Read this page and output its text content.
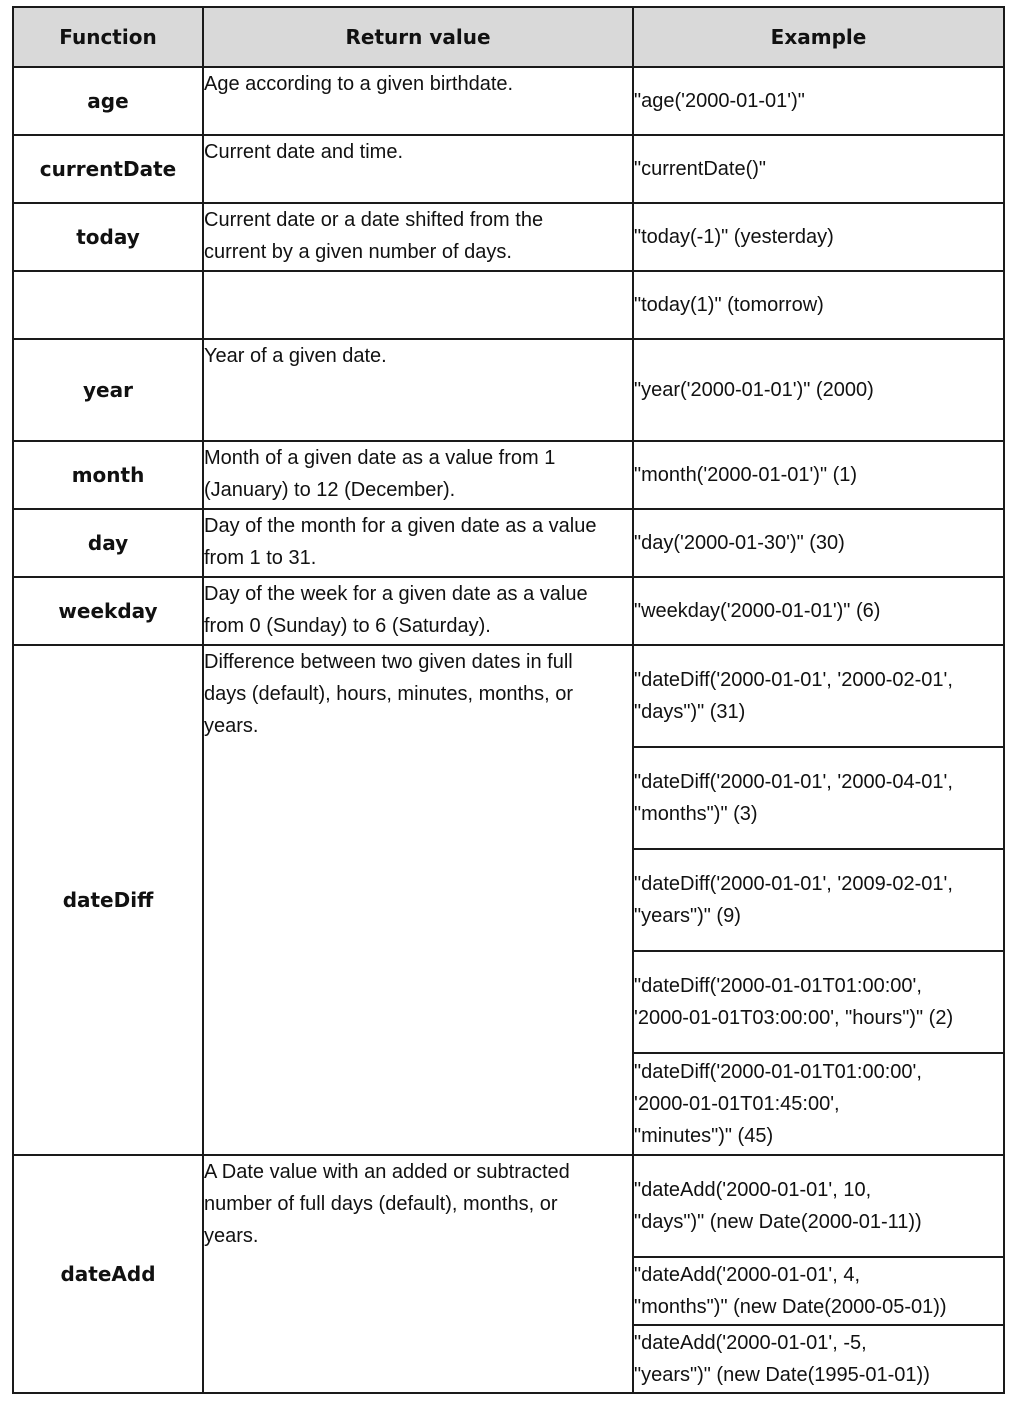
Function	Return value	Example
age	Age according to a given birthdate.	"age('2000-01-01')"

currentDate	Current date and time.	"currentDate()"

today	Current date or a date shifted from the
current by a given number of days.	"today(-1)" (yesterday)

		"today(1)" (tomorrow)

year	Year of a given date.	"year('2000-01-01')" (2000)

month	Month of a given date as a value from 1
(January) to 12 (December).	"month('2000-01-01')" (1)

day	Day of the month for a given date as a value
from 1 to 31.	"day('2000-01-30')" (30)

weekday	Day of the week for a given date as a value
from 0 (Sunday) to 6 (Saturday).	"weekday('2000-01-01')" (6)

dateDiff	Difference between two given dates in full
days (default), hours, minutes, months, or
years.	"dateDiff('2000-01-01', '2000-02-01',
"days")" (31)

		"dateDiff('2000-01-01', '2000-04-01',
"months")" (3)

		"dateDiff('2000-01-01', '2009-02-01',
"years")" (9)

		"dateDiff('2000-01-01T01:00:00',
'2000-01-01T03:00:00', "hours")" (2)

		"dateDiff('2000-01-01T01:00:00',
'2000-01-01T01:45:00',
"minutes")" (45)

dateAdd	A Date value with an added or subtracted
number of full days (default), months, or
years.	"dateAdd('2000-01-01', 10,
"days")" (new Date(2000-01-11))

		"dateAdd('2000-01-01', 4,
"months")" (new Date(2000-05-01))

		"dateAdd('2000-01-01', -5,
"years")" (new Date(1995-01-01))
